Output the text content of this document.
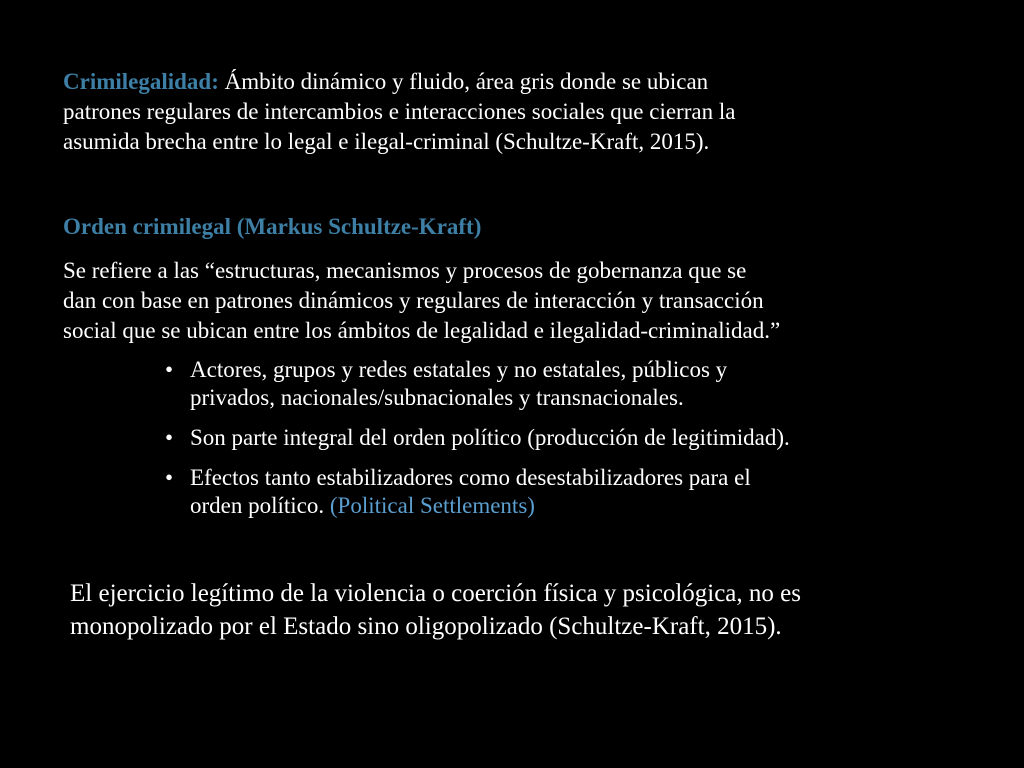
Crimilegalidad: Ámbito dinámico y fluido, área gris donde se ubican
patrones regulares de intercambios e interacciones sociales que cierran la
asumida brecha entre lo legal e ilegal-criminal (Schultze-Kraft, 2015).

Orden crimilegal (Markus Schultze-Kraft)

Se refiere a las “estructuras, mecanismos y procesos de gobernanza que se
dan con base en patrones dinámicos y regulares de interacción y transacción
social que se ubican entre los ámbitos de legalidad e ilegalidad-criminalidad.”

• Actores, grupos y redes estatales y no estatales, públicos y
privados, nacionales/subnacionales y transnacionales.
• Son parte integral del orden político (producción de legitimidad).
• Efectos tanto estabilizadores como desestabilizadores para el
orden político. (Political Settlements)

El ejercicio legítimo de la violencia o coerción física y psicológica, no es
monopolizado por el Estado sino oligopolizado (Schultze-Kraft, 2015).
